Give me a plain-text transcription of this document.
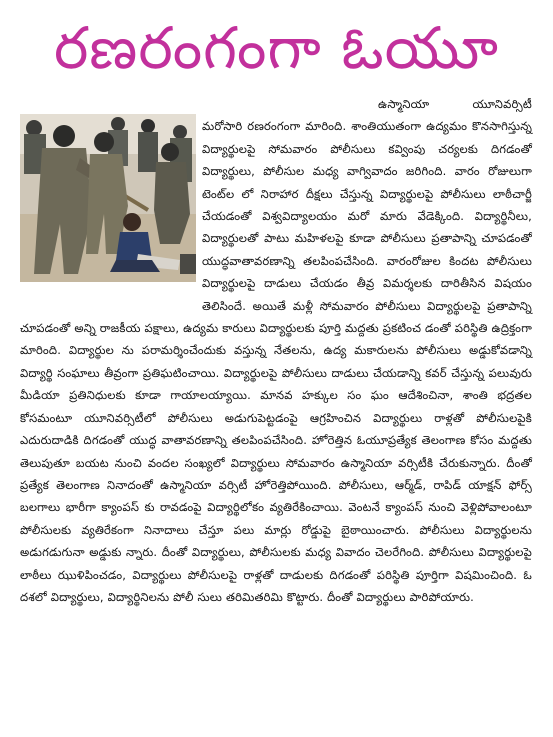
రణరంగంగా ఓయూ

ఉస్మానియా యూనివర్సిటీ మరోసారి రణరంగంగా మారింది. శాంతియుతంగా ఉద్యమం కొనసాగిస్తున్న విద్యార్థులపై సోమవారం పోలీసులు కవ్వింపు చర్యలకు దిగడంతో విద్యార్థులు, పోలీసుల మధ్య వాగ్వివాదం జరిగింది. వారం రోజులుగా టెంట్‌ల లో నిరాహార దీక్షలు చేస్తున్న విద్యార్థులపై పోలీసులు లాఠీచార్జీ చేయడంతో విశ్వవిద్యాలయం మరో మారు వేడెక్కింది. విద్యార్థినీలు, విద్యార్థులతో పాటు మహిళలపై కూడా పోలీసులు ప్రతాపాన్ని చూపడంతో యుద్ధవాతావరణాన్ని తలపింపచేసింది. వారంరోజుల కిందట పోలీసులు విద్యార్థులపై దాడులు చేయడం తీవ్ర విమర్శలకు దారితీసిన విషయం తెలిసిందే. అయితే మళ్లీ సోమవారం పోలీసులు విద్యార్థులపై ప్రతాపాన్ని చూపడంతో అన్ని రాజకీయ పక్షాలు, ఉద్యమ కారులు విద్యార్థులకు పూర్తి మద్దతు ప్రకటించ డంతో పరిస్థితి ఉద్రిక్తంగా మారింది. విద్యార్థుల ను పరామర్శించేందుకు వస్తున్న నేతలను, ఉద్య మకారులను పోలీసులు అడ్డుకోవడాన్ని విద్యార్థి సంఘాలు తీవ్రంగా ప్రతిఘటించాయి. విద్యార్థులపై పోలీసులు దాడులు చేయడాన్ని కవర్ చేస్తున్న పలువురు మీడియా ప్రతినిధులకు కూడా గాయాలయ్యాయి. మానవ హక్కుల సం ఘం ఆదేశించినా, శాంతి భద్రతల కోసమంటూ యూనివర్సిటీలో పోలీసులు అడుగుపెట్టడంపై ఆగ్రహించిన విద్యార్థులు రాళ్లతో పోలీసులపైకి ఎదురుదాడికి దిగడంతో యుద్ధ వాతావరణాన్ని తలపింపచేసింది. హోరెత్తిన ఓయూప్రత్యేక తెలంగాణ కోసం మద్దతు తెలుపుతూ బయట నుంచి వందల సంఖ్యలో విద్యార్థులు సోమవారం ఉస్మానియా వర్సిటీకి చేరుకున్నారు. దీంతో ప్రత్యేక తెలంగాణ నినాదంతో ఉస్మానియా వర్సిటీ హోరెత్తిపోయింది. పోలీసులు, ఆర్మ్‌డ్, రాపిడ్ యాక్షన్ ఫోర్స్ బలగాలు భారీగా క్యాంపస్ కు రావడంపై విద్యార్థిలోకం వ్యతిరేకించాయి. వెంటనే క్యాంపస్ నుంచి వెళ్లిపోవాలంటూ పోలీసులకు వ్యతిరేకంగా నినాదాలు చేస్తూ పలు మార్లు రోడ్డుపై బైఠాయించారు. పోలీసులు విద్యార్థులను అడుగడుగునా అడ్డుకు న్నారు. దీంతో విద్యార్థులు, పోలీసులకు మధ్య వివాదం చెలరేగింది. పోలీసులు విద్యార్థులపై లాఠీలు ఝుళిపించడం, విద్యార్థులు పోలీసులపై రాళ్లతో దాడులకు దిగడంతో పరిస్థితి పూర్తిగా విషమించింది. ఓ దశలో విద్యార్థులు, విద్యార్థినిలను పోలీ సులు తరిమితరిమి కొట్టారు. దీంతో విద్యార్థులు పారిపోయారు.
